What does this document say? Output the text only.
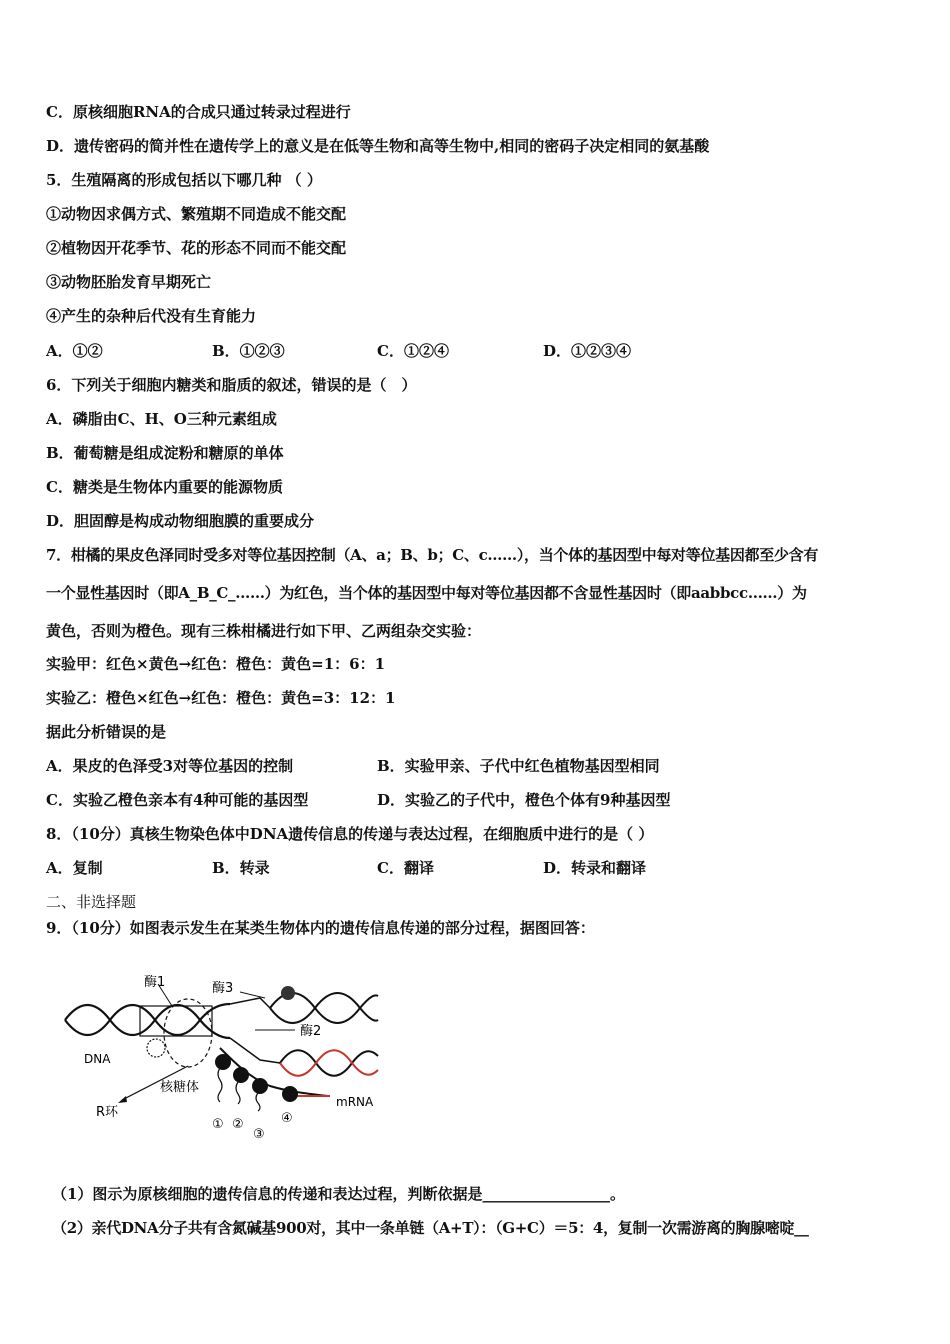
C．原核细胞RNA的合成只通过转录过程进行
D．遗传密码的简并性在遗传学上的意义是在低等生物和高等生物中,相同的密码子决定相同的氨基酸
5．生殖隔离的形成包括以下哪几种 （ ）
①动物因求偶方式、繁殖期不同造成不能交配
②植物因开花季节、花的形态不同而不能交配
③动物胚胎发育早期死亡
④产生的杂种后代没有生育能力
A．①②	B．①②③	C．①②④	D．①②③④
6．下列关于细胞内糖类和脂质的叙述，错误的是（　）
A．磷脂由C、H、O三种元素组成
B．葡萄糖是组成淀粉和糖原的单体
C．糖类是生物体内重要的能源物质
D．胆固醇是构成动物细胞膜的重要成分
7．柑橘的果皮色泽同时受多对等位基因控制（A、a；B、b；C、c……），当个体的基因型中每对等位基因都至少含有
一个显性基因时（即A_B_C_……）为红色，当个体的基因型中每对等位基因都不含显性基因时（即aabbcc……）为
黄色，否则为橙色。现有三株柑橘进行如下甲、乙两组杂交实验：
实验甲：红色×黄色→红色：橙色：黄色=1：6：1
实验乙：橙色×红色→红色：橙色：黄色=3：12：1
据此分析错误的是
A．果皮的色泽受3对等位基因的控制	B．实验甲亲、子代中红色植物基因型相同
C．实验乙橙色亲本有4种可能的基因型	D．实验乙的子代中，橙色个体有9种基因型
8．（10分）真核生物染色体中DNA遗传信息的传递与表达过程，在细胞质中进行的是（ ）
A．复制	B．转录	C．翻译	D．转录和翻译
二、非选择题
9．（10分）如图表示发生在某类生物体内的遗传信息传递的部分过程，据图回答：
酶1	酶3
酶2
DNA
核糖体
R环
mRNA
① ②
③
④
（1）图示为原核细胞的遗传信息的传递和表达过程，判断依据是_________________。
（2）亲代DNA分子共有含氮碱基900对，其中一条单链（A+T）：（G+C）＝5：4，复制一次需游离的胸腺嘧啶__
